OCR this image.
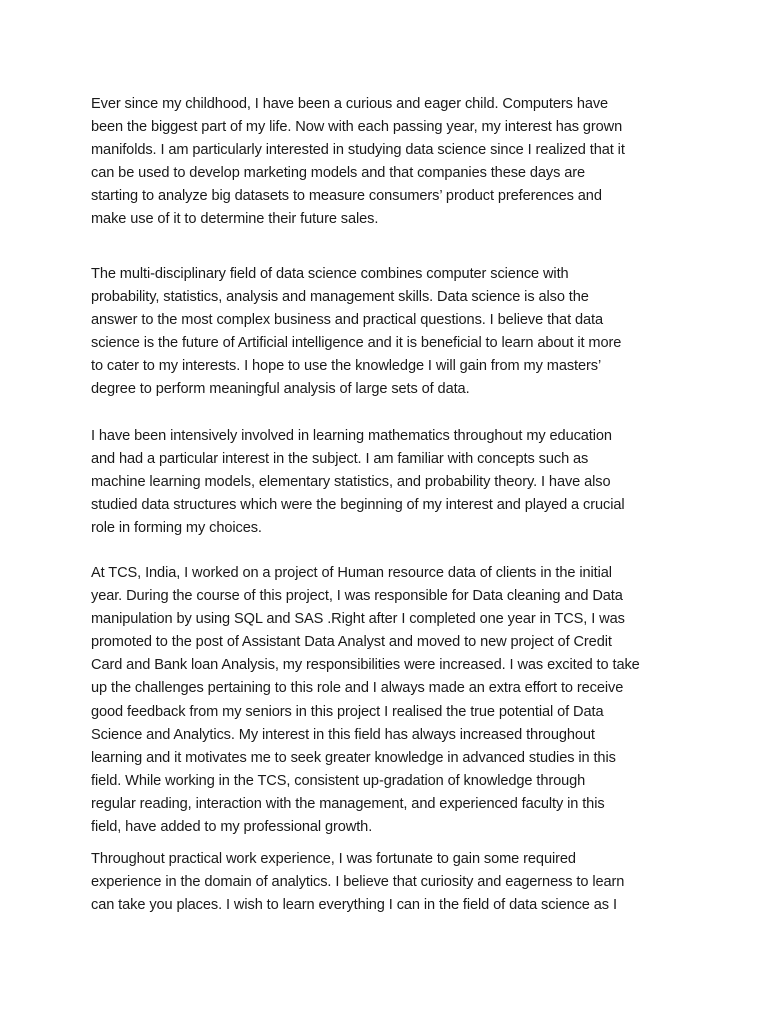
Ever since my childhood, I have been a curious and eager child. Computers have
been the biggest part of my life. Now with each passing year, my interest has grown
manifolds. I am particularly interested in studying data science since I realized that it
can be used to develop marketing models and that companies these days are
starting to analyze big datasets to measure consumers’ product preferences and
make use of it to determine their future sales.
The multi-disciplinary field of data science combines computer science with
probability, statistics, analysis and management skills. Data science is also the
answer to the most complex business and practical questions. I believe that data
science is the future of Artificial intelligence and it is beneficial to learn about it more
to cater to my interests. I hope to use the knowledge I will gain from my masters’
degree to perform meaningful analysis of large sets of data.
I have been intensively involved in learning mathematics throughout my education
and had a particular interest in the subject. I am familiar with concepts such as
machine learning models, elementary statistics, and probability theory. I have also
studied data structures which were the beginning of my interest and played a crucial
role in forming my choices.
At TCS, India, I worked on a project of Human resource data of clients in the initial
year. During the course of this project, I was responsible for Data cleaning and Data
manipulation by using SQL and SAS .Right after I completed one year in TCS, I was
promoted to the post of Assistant Data Analyst and moved to new project of Credit
Card and Bank loan Analysis, my responsibilities were increased. I was excited to take
up the challenges pertaining to this role and I always made an extra effort to receive
good feedback from my seniors in this project I realised the true potential of Data
Science and Analytics. My interest in this field has always increased throughout
learning and it motivates me to seek greater knowledge in advanced studies in this
field. While working in the TCS, consistent up-gradation of knowledge through
regular reading, interaction with the management, and experienced faculty in this
field, have added to my professional growth.
Throughout practical work experience, I was fortunate to gain some required
experience in the domain of analytics. I believe that curiosity and eagerness to learn
can take you places. I wish to learn everything I can in the field of data science as I
